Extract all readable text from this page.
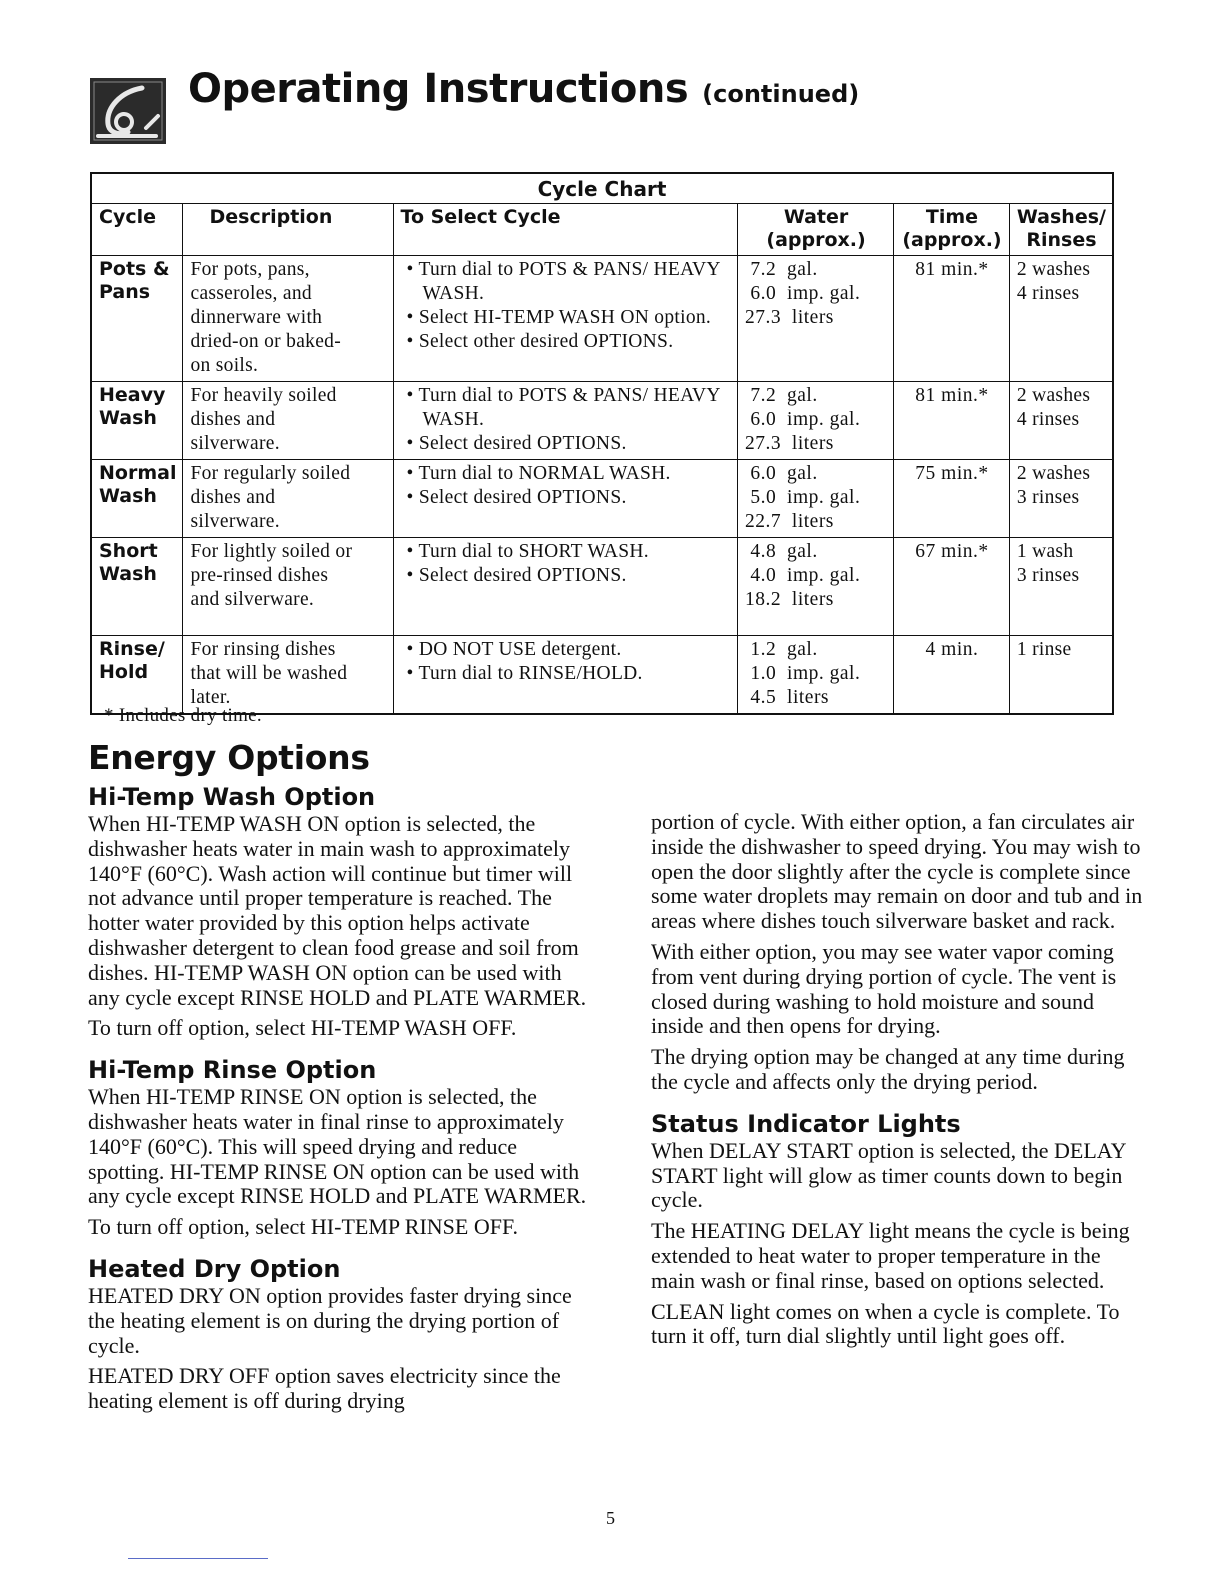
Operating Instructions (continued)
Cycle Chart					
Cycle	Description	To Select Cycle	Water
(approx.)	Time
(approx.)	Washes/
Rinses
Pots &
Pans	For pots, pans,
casseroles, and
dinnerware with
dried-on or baked-
on soils.	• Turn dial to POTS & PANS/ HEAVY WASH.
• Select HI-TEMP WASH ON option.
• Select other desired OPTIONS.	7.2  gal.
6.0  imp. gal.
27.3  liters	81 min.*	2 washes
4 rinses

Heavy
Wash	For heavily soiled
dishes and
silverware.	• Turn dial to POTS & PANS/ HEAVY WASH.
• Select desired OPTIONS.	7.2  gal.
6.0  imp. gal.
27.3  liters	81 min.*	2 washes
4 rinses

Normal
Wash	For regularly soiled
dishes and
silverware.	• Turn dial to NORMAL WASH.
• Select desired OPTIONS.	6.0  gal.
5.0  imp. gal.
22.7  liters	75 min.*	2 washes
3 rinses

Short
Wash	For lightly soiled or
pre-rinsed dishes
and silverware.	• Turn dial to SHORT WASH.
• Select desired OPTIONS.	4.8  gal.
4.0  imp. gal.
18.2  liters	67 min.*	1 wash
3 rinses

Rinse/
Hold	For rinsing dishes
that will be washed
later.	• DO NOT USE detergent.
• Turn dial to RINSE/HOLD.	1.2  gal.
1.0  imp. gal.
4.5  liters	4 min.	1 rinse
* Includes dry time.
Energy Options
Hi-Temp Wash Option

When HI-TEMP WASH ON option is selected, the dishwasher heats water in main wash to approximately 140°F (60°C). Wash action will continue but timer will not advance until proper temperature is reached. The hotter water provided by this option helps activate dishwasher detergent to clean food grease and soil from dishes. HI-TEMP WASH ON option can be used with any cycle except RINSE HOLD and PLATE WARMER.

To turn off option, select HI-TEMP WASH OFF.

Hi-Temp Rinse Option

When HI-TEMP RINSE ON option is selected, the dishwasher heats water in final rinse to approximately 140°F (60°C). This will speed drying and reduce spotting. HI-TEMP RINSE ON option can be used with any cycle except RINSE HOLD and PLATE WARMER.

To turn off option, select HI-TEMP RINSE OFF.

Heated Dry Option

HEATED DRY ON option provides faster drying since the heating element is on during the drying portion of cycle.

HEATED DRY OFF option saves electricity since the heating element is off during drying

portion of cycle. With either option, a fan circulates air inside the dishwasher to speed drying. You may wish to open the door slightly after the cycle is complete since some water droplets may remain on door and tub and in areas where dishes touch silverware basket and rack.

With either option, you may see water vapor coming from vent during drying portion of cycle. The vent is closed during washing to hold moisture and sound inside and then opens for drying.

The drying option may be changed at any time during the cycle and affects only the drying period.

Status Indicator Lights

When DELAY START option is selected, the DELAY START light will glow as timer counts down to begin cycle.

The HEATING DELAY light means the cycle is being extended to heat water to proper temperature in the main wash or final rinse, based on options selected.

CLEAN light comes on when a cycle is complete. To turn it off, turn dial slightly until light goes off.

5
